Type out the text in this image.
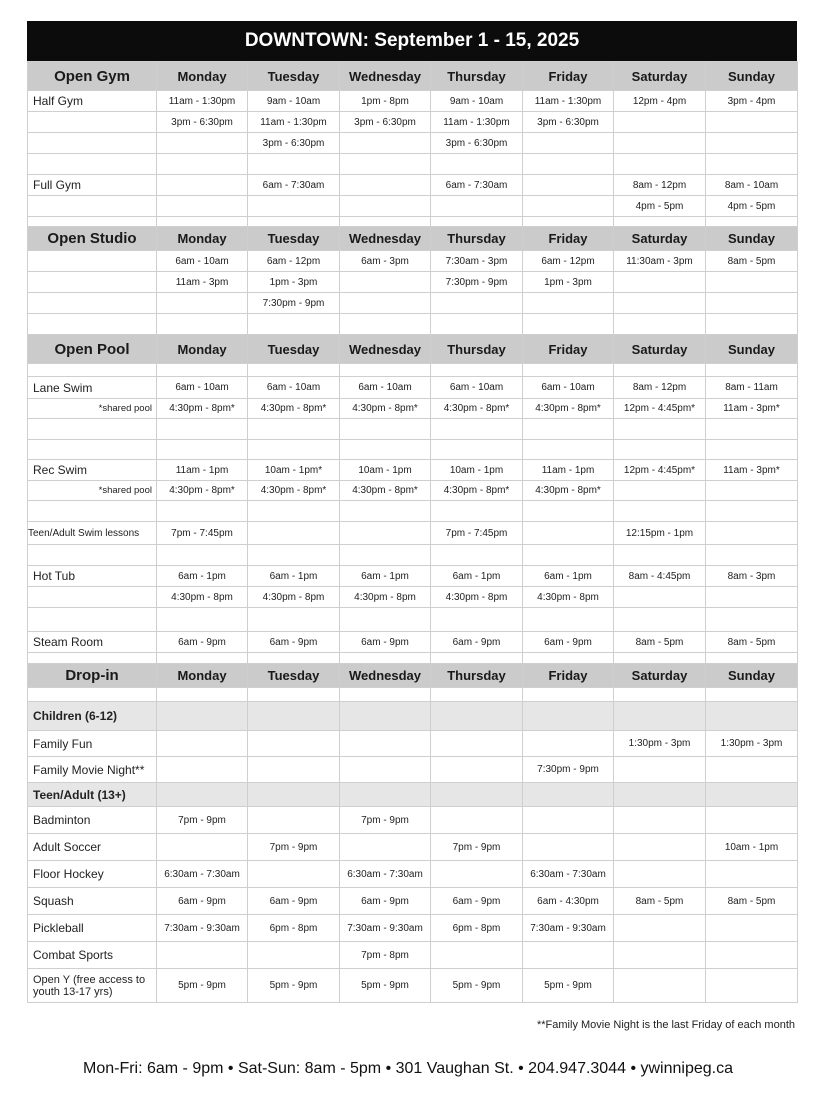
DOWNTOWN: September 1 - 15, 2025
Open Gym	Monday	Tuesday	Wednesday	Thursday	Friday	Saturday	Sunday
Half Gym	11am - 1:30pm	9am - 10am	1pm - 8pm	9am - 10am	11am - 1:30pm	12pm - 4pm	3pm - 4pm
	3pm - 6:30pm	11am - 1:30pm	3pm - 6:30pm	11am - 1:30pm	3pm - 6:30pm		
		3pm - 6:30pm		3pm - 6:30pm			

Full Gym		6am - 7:30am		6am - 7:30am		8am - 12pm	8am - 10am
						4pm - 5pm	4pm - 5pm

Open Studio	Monday	Tuesday	Wednesday	Thursday	Friday	Saturday	Sunday
	6am - 10am	6am - 12pm	6am - 3pm	7:30am - 3pm	6am - 12pm	11:30am - 3pm	8am - 5pm
	11am - 3pm	1pm - 3pm		7:30pm - 9pm	1pm - 3pm		
		7:30pm - 9pm					

Open Pool	Monday	Tuesday	Wednesday	Thursday	Friday	Saturday	Sunday

Lane Swim	6am - 10am	6am - 10am	6am - 10am	6am - 10am	6am - 10am	8am - 12pm	8am - 11am
*shared pool	4:30pm - 8pm*	4:30pm - 8pm*	4:30pm - 8pm*	4:30pm - 8pm*	4:30pm - 8pm*	12pm - 4:45pm*	11am - 3pm*

Rec Swim	11am - 1pm	10am - 1pm*	10am - 1pm	10am - 1pm	11am - 1pm	12pm - 4:45pm*	11am - 3pm*
*shared pool	4:30pm - 8pm*	4:30pm - 8pm*	4:30pm - 8pm*	4:30pm - 8pm*	4:30pm - 8pm*		

Teen/Adult Swim lessons	7pm - 7:45pm			7pm - 7:45pm		12:15pm - 1pm	

Hot Tub	6am - 1pm	6am - 1pm	6am - 1pm	6am - 1pm	6am - 1pm	8am - 4:45pm	8am - 3pm
	4:30pm - 8pm	4:30pm - 8pm	4:30pm - 8pm	4:30pm - 8pm	4:30pm - 8pm		

Steam Room	6am - 9pm	6am - 9pm	6am - 9pm	6am - 9pm	6am - 9pm	8am - 5pm	8am - 5pm

Drop-in	Monday	Tuesday	Wednesday	Thursday	Friday	Saturday	Sunday

Children (6-12)							
Family Fun						1:30pm - 3pm	1:30pm - 3pm
Family Movie Night**					7:30pm - 9pm		
Teen/Adult (13+)							
Badminton	7pm - 9pm		7pm - 9pm				
Adult Soccer		7pm - 9pm		7pm - 9pm			10am - 1pm
Floor Hockey	6:30am - 7:30am		6:30am - 7:30am		6:30am - 7:30am		
Squash	6am - 9pm	6am - 9pm	6am - 9pm	6am - 9pm	6am - 4:30pm	8am - 5pm	8am - 5pm
Pickleball	7:30am - 9:30am	6pm - 8pm	7:30am - 9:30am	6pm - 8pm	7:30am - 9:30am		
Combat Sports			7pm - 8pm				
Open Y (free access to youth 13-17 yrs)	5pm - 9pm	5pm - 9pm	5pm - 9pm	5pm - 9pm	5pm - 9pm		
**Family Movie Night is the last Friday of each month
Mon-Fri: 6am - 9pm • Sat-Sun: 8am - 5pm • 301 Vaughan St. • 204.947.3044 • ywinnipeg.ca
